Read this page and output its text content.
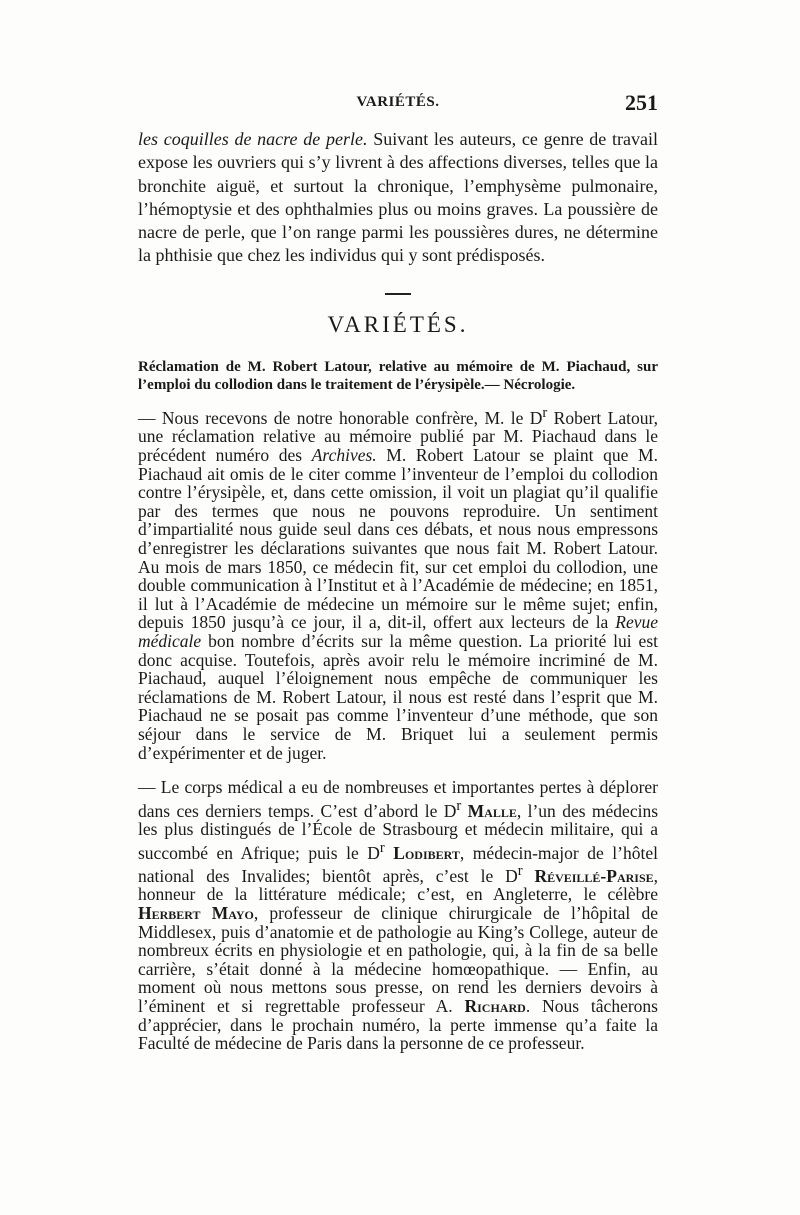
VARIÉTÉS.	251
les coquilles de nacre de perle. Suivant les auteurs, ce genre de travail expose les ouvriers qui s’y livrent à des affections diverses, telles que la bronchite aiguë, et surtout la chronique, l’emphysème pulmonaire, l’hémoptysie et des ophthalmies plus ou moins graves. La poussière de nacre de perle, que l’on range parmi les poussières dures, ne détermine la phthisie que chez les individus qui y sont prédisposés.
VARIÉTÉS.
Réclamation de M. Robert Latour, relative au mémoire de M. Piachaud, sur l’emploi du collodion dans le traitement de l’érysipèle.— Nécrologie.
— Nous recevons de notre honorable confrère, M. le $D^r$ Robert Latour, une réclamation relative au mémoire publié par M. Piachaud dans le précédent numéro des Archives. M. Robert Latour se plaint que M. Piachaud ait omis de le citer comme l’inventeur de l’emploi du collodion contre l’érysipèle, et, dans cette omission, il voit un plagiat qu’il qualifie par des termes que nous ne pouvons reproduire. Un sentiment d’impartialité nous guide seul dans ces débats, et nous nous empressons d’enregistrer les déclarations suivantes que nous fait M. Robert Latour. Au mois de mars 1850, ce médecin fit, sur cet emploi du collodion, une double communication à l’Institut et à l’Académie de médecine; en 1851, il lut à l’Académie de médecine un mémoire sur le même sujet; enfin, depuis 1850 jusqu’à ce jour, il a, dit-il, offert aux lecteurs de la Revue médicale bon nombre d’écrits sur la même question. La priorité lui est donc acquise. Toutefois, après avoir relu le mémoire incriminé de M. Piachaud, auquel l’éloignement nous empêche de communiquer les réclamations de M. Robert Latour, il nous est resté dans l’esprit que M. Piachaud ne se posait pas comme l’inventeur d’une méthode, que son séjour dans le service de M. Briquet lui a seulement permis d’expérimenter et de juger.
— Le corps médical a eu de nombreuses et importantes pertes à déplorer dans ces derniers temps. C’est d’abord le $D^r$ Malle, l’un des médecins les plus distingués de l’École de Strasbourg et médecin militaire, qui a succombé en Afrique; puis le $D^r$ Lodibert, médecin-major de l’hôtel national des Invalides; bientôt après, c’est le $D^r$ Réveillé-Parise, honneur de la littérature médicale; c’est, en Angleterre, le célèbre Herbert Mayo, professeur de clinique chirurgicale de l’hôpital de Middlesex, puis d’anatomie et de pathologie au King’s College, auteur de nombreux écrits en physiologie et en pathologie, qui, à la fin de sa belle carrière, s’était donné à la médecine homœopathique. — Enfin, au moment où nous mettons sous presse, on rend les derniers devoirs à l’éminent et si regrettable professeur A. Richard. Nous tâcherons d’apprécier, dans le prochain numéro, la perte immense qu’a faite la Faculté de médecine de Paris dans la personne de ce professeur.
